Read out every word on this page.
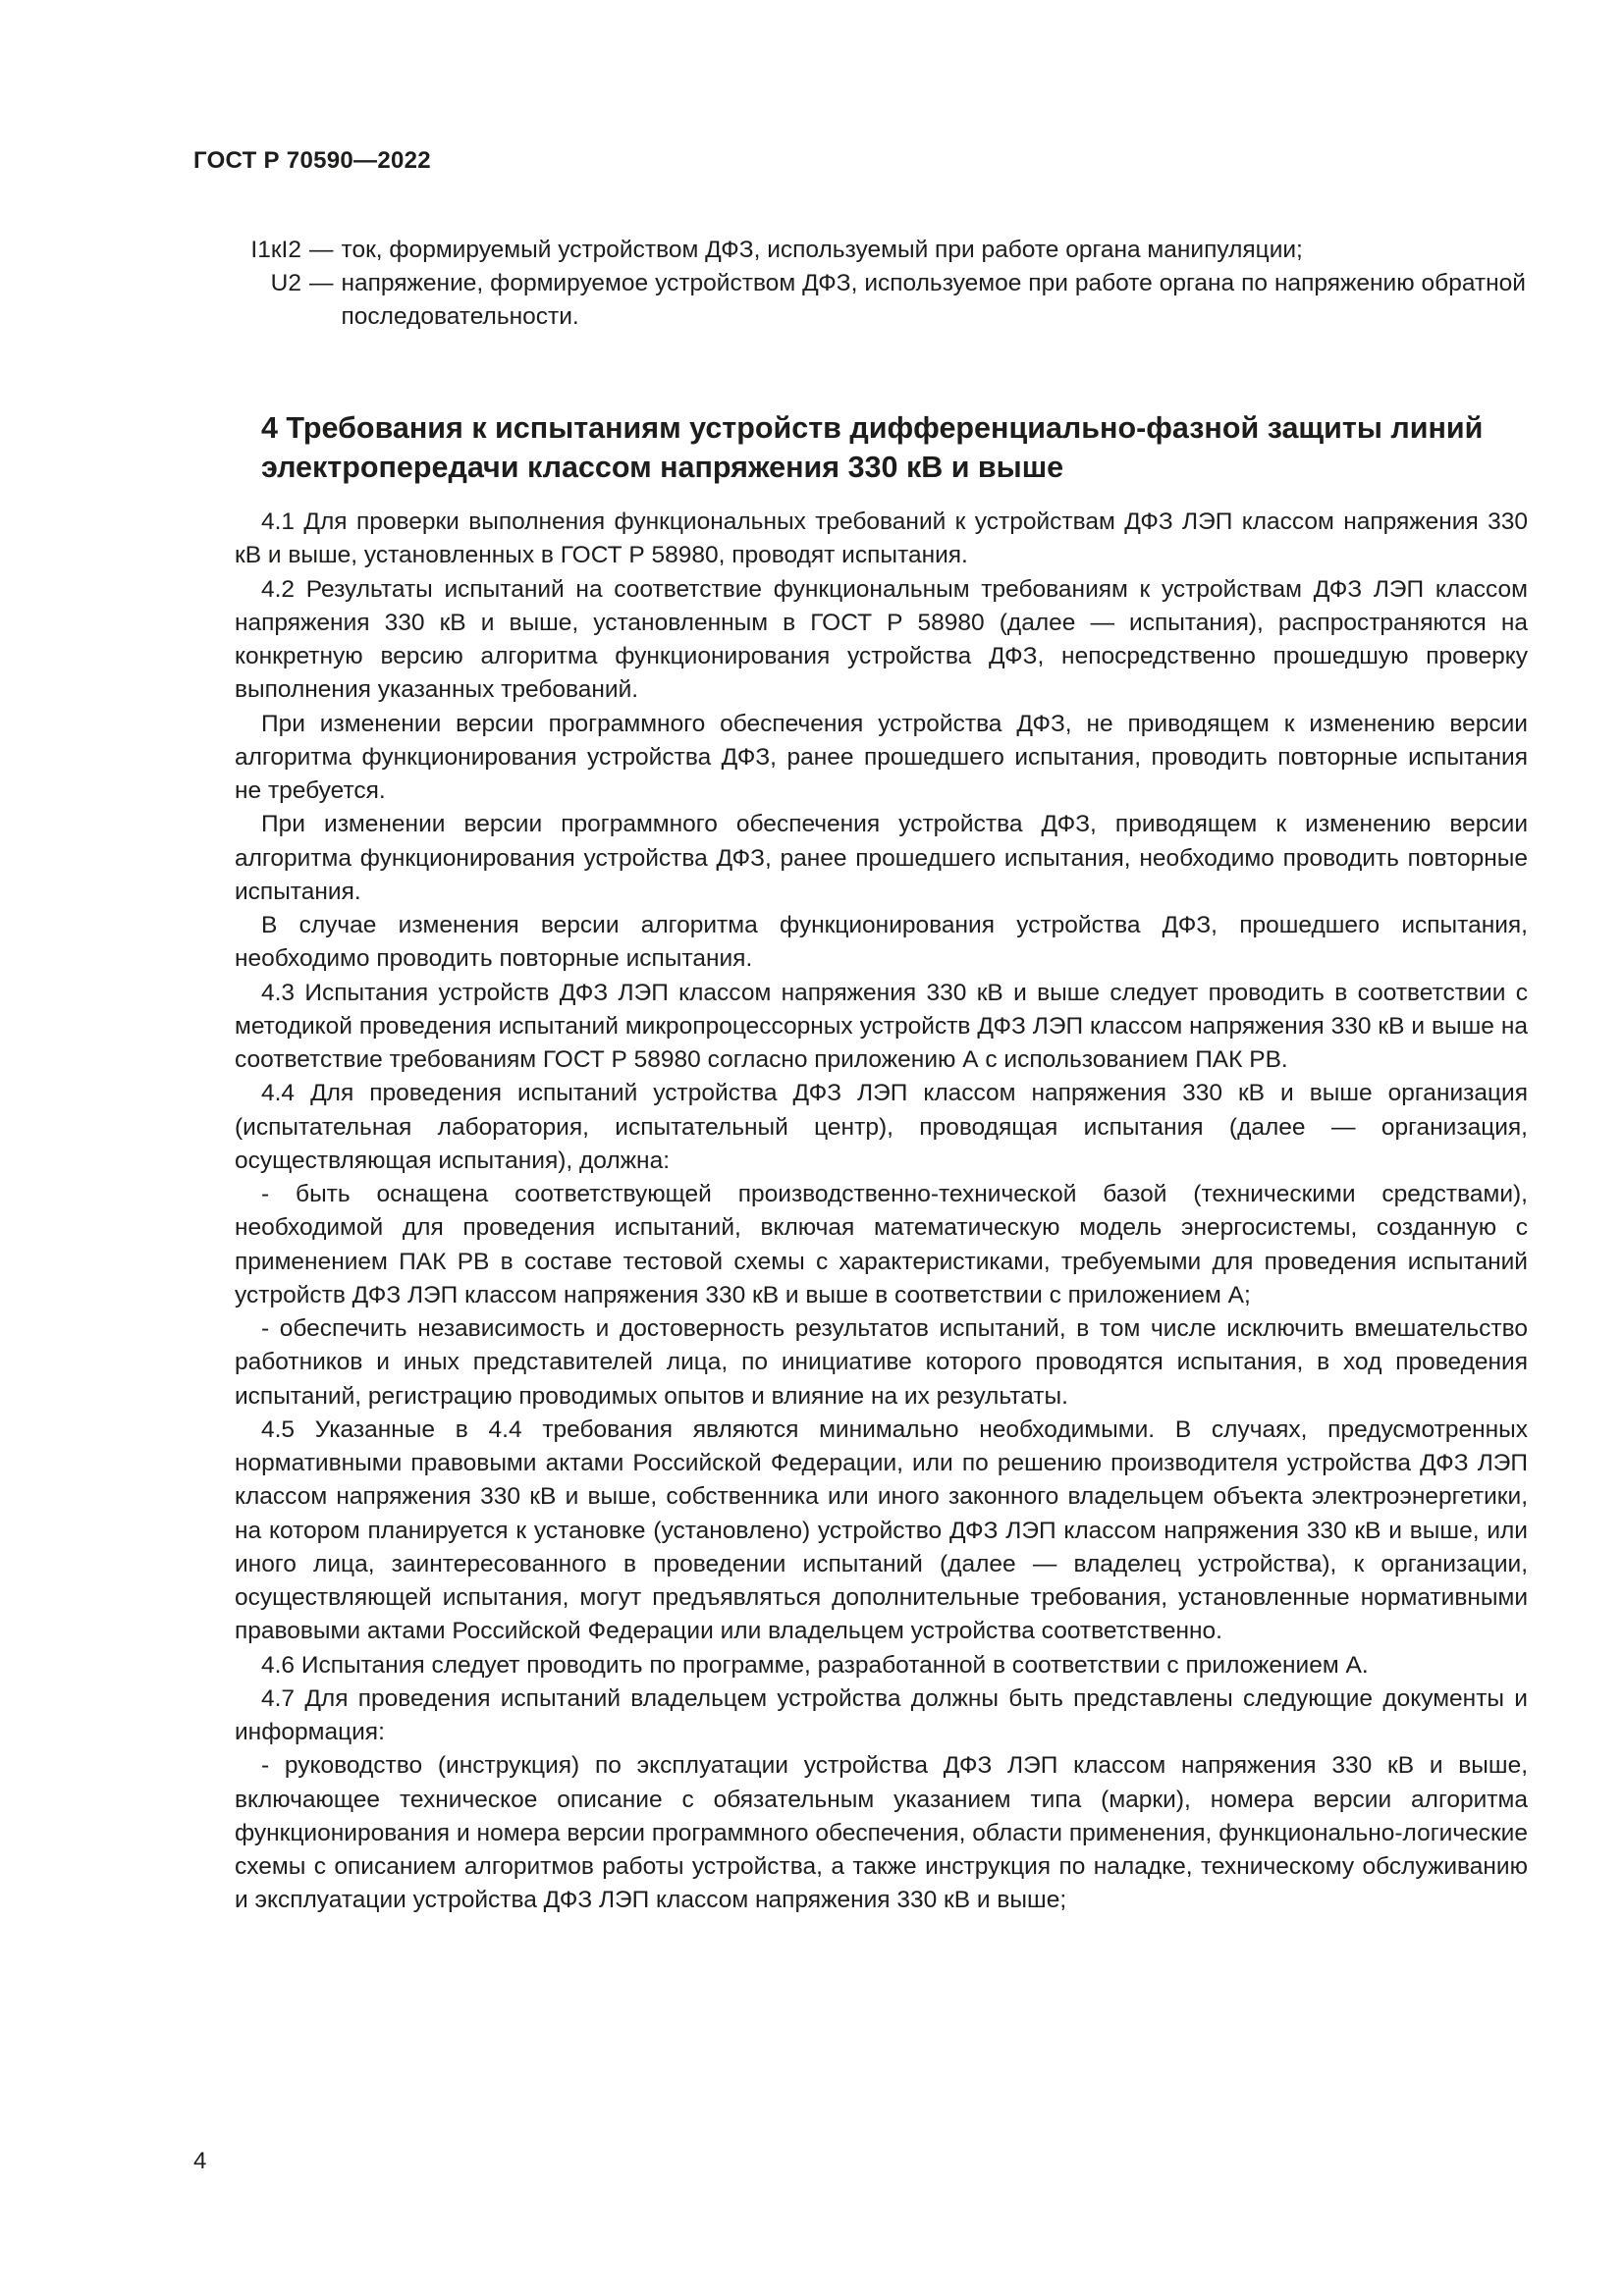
ГОСТ Р 70590—2022

I1кI2 — ток, формируемый устройством ДФЗ, используемый при работе органа манипуляции;
U2 — напряжение, формируемое устройством ДФЗ, используемое при работе органа по напряжению обратной последовательности.
4 Требования к испытаниям устройств дифференциально-фазной защиты линий электропередачи классом напряжения 330 кВ и выше

4.1 Для проверки выполнения функциональных требований к устройствам ДФЗ ЛЭП классом напряжения 330 кВ и выше, установленных в ГОСТ Р 58980, проводят испытания.

4.2 Результаты испытаний на соответствие функциональным требованиям к устройствам ДФЗ ЛЭП классом напряжения 330 кВ и выше, установленным в ГОСТ Р 58980 (далее — испытания), распространяются на конкретную версию алгоритма функционирования устройства ДФЗ, непосредственно прошедшую проверку выполнения указанных требований.

При изменении версии программного обеспечения устройства ДФЗ, не приводящем к изменению версии алгоритма функционирования устройства ДФЗ, ранее прошедшего испытания, проводить повторные испытания не требуется.

При изменении версии программного обеспечения устройства ДФЗ, приводящем к изменению версии алгоритма функционирования устройства ДФЗ, ранее прошедшего испытания, необходимо проводить повторные испытания.

В случае изменения версии алгоритма функционирования устройства ДФЗ, прошедшего испытания, необходимо проводить повторные испытания.

4.3 Испытания устройств ДФЗ ЛЭП классом напряжения 330 кВ и выше следует проводить в соответствии с методикой проведения испытаний микропроцессорных устройств ДФЗ ЛЭП классом напряжения 330 кВ и выше на соответствие требованиям ГОСТ Р 58980 согласно приложению А с использованием ПАК РВ.

4.4 Для проведения испытаний устройства ДФЗ ЛЭП классом напряжения 330 кВ и выше организация (испытательная лаборатория, испытательный центр), проводящая испытания (далее — организация, осуществляющая испытания), должна:

- быть оснащена соответствующей производственно-технической базой (техническими средствами), необходимой для проведения испытаний, включая математическую модель энергосистемы, созданную с применением ПАК РВ в составе тестовой схемы с характеристиками, требуемыми для проведения испытаний устройств ДФЗ ЛЭП классом напряжения 330 кВ и выше в соответствии с приложением А;

- обеспечить независимость и достоверность результатов испытаний, в том числе исключить вмешательство работников и иных представителей лица, по инициативе которого проводятся испытания, в ход проведения испытаний, регистрацию проводимых опытов и влияние на их результаты.

4.5 Указанные в 4.4 требования являются минимально необходимыми. В случаях, предусмотренных нормативными правовыми актами Российской Федерации, или по решению производителя устройства ДФЗ ЛЭП классом напряжения 330 кВ и выше, собственника или иного законного владельцем объекта электроэнергетики, на котором планируется к установке (установлено) устройство ДФЗ ЛЭП классом напряжения 330 кВ и выше, или иного лица, заинтересованного в проведении испытаний (далее — владелец устройства), к организации, осуществляющей испытания, могут предъявляться дополнительные требования, установленные нормативными правовыми актами Российской Федерации или владельцем устройства соответственно.

4.6 Испытания следует проводить по программе, разработанной в соответствии с приложением А.

4.7 Для проведения испытаний владельцем устройства должны быть представлены следующие документы и информация:

- руководство (инструкция) по эксплуатации устройства ДФЗ ЛЭП классом напряжения 330 кВ и выше, включающее техническое описание с обязательным указанием типа (марки), номера версии алгоритма функционирования и номера версии программного обеспечения, области применения, функционально-логические схемы с описанием алгоритмов работы устройства, а также инструкция по наладке, техническому обслуживанию и эксплуатации устройства ДФЗ ЛЭП классом напряжения 330 кВ и выше;

4
